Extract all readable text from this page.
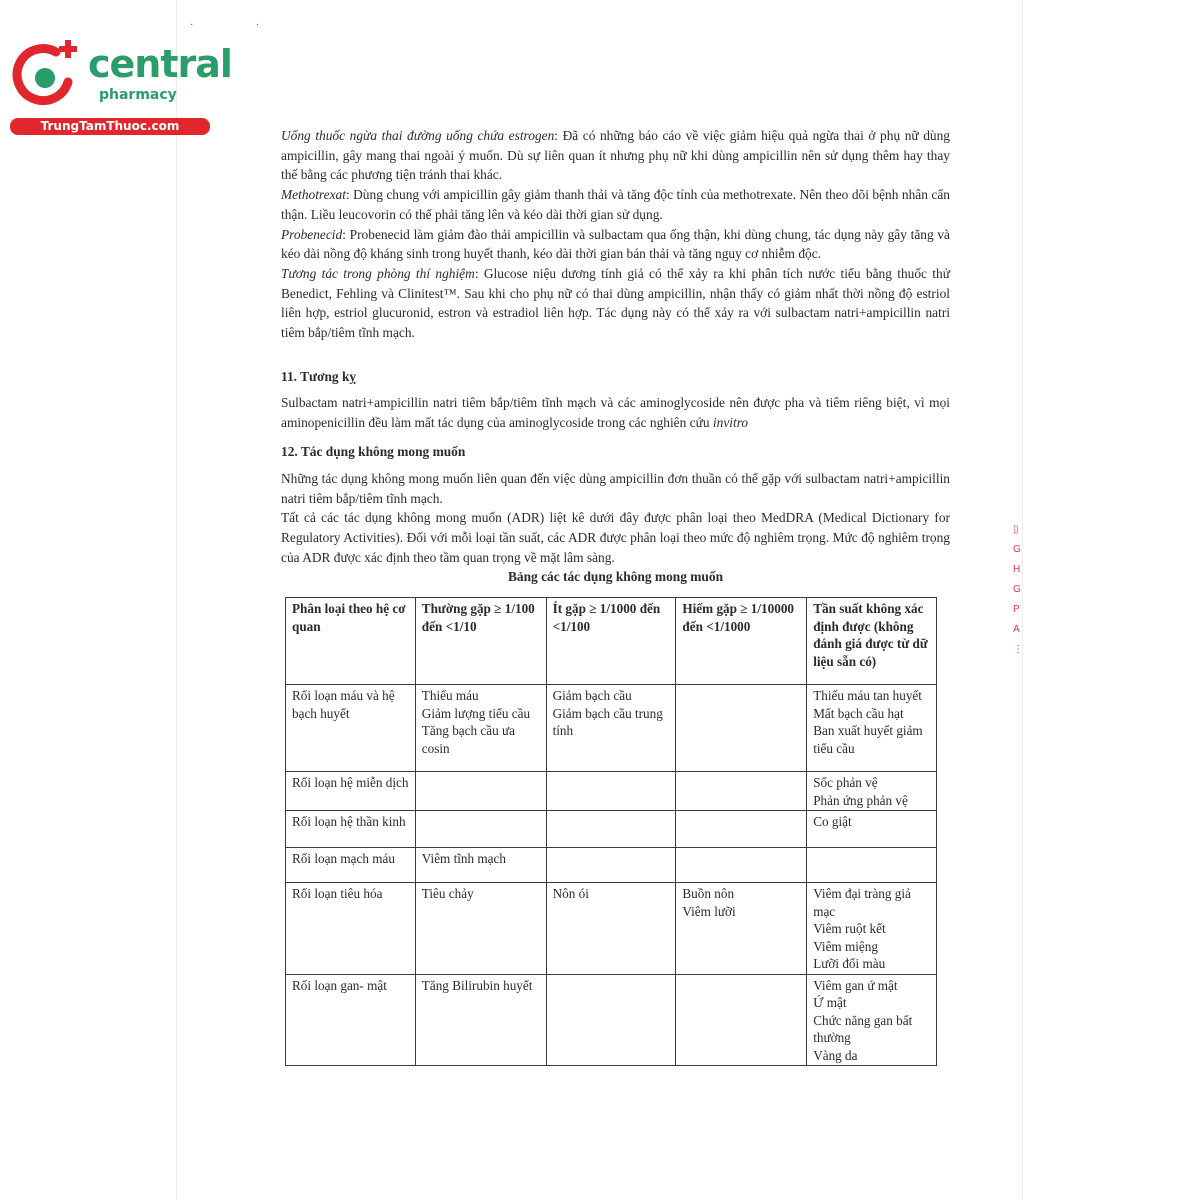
· ·
central
pharmacy
TrungTamThuoc.com
▯
G
H
G
P
A
⋮

Uống thuốc ngừa thai đường uống chứa estrogen: Đã có những báo cáo về việc giảm hiệu quả ngừa thai ở phụ nữ dùng ampicillin, gây mang thai ngoài ý muốn. Dù sự liên quan ít nhưng phụ nữ khi dùng ampicillin nên sử dụng thêm hay thay thế bằng các phương tiện tránh thai khác.

Methotrexat: Dùng chung với ampicillin gây giảm thanh thải và tăng độc tính của methotrexate. Nên theo dõi bệnh nhân cẩn thận. Liều leucovorin có thể phải tăng lên và kéo dài thời gian sử dụng.

Probenecid: Probenecid làm giảm đào thải ampicillin và sulbactam qua ống thận, khi dùng chung, tác dụng này gây tăng và kéo dài nồng độ kháng sinh trong huyết thanh, kéo dài thời gian bán thải và tăng nguy cơ nhiễm độc.

Tương tác trong phòng thí nghiệm: Glucose niệu dương tính giả có thể xảy ra khi phân tích nước tiểu bằng thuốc thử Benedict, Fehling và Clinitest™. Sau khi cho phụ nữ có thai dùng ampicillin, nhận thấy có giảm nhất thời nồng độ estriol liên hợp, estriol glucuronid, estron và estradiol liên hợp. Tác dụng này có thể xảy ra với sulbactam natri+ampicillin natri tiêm bắp/tiêm tĩnh mạch.

11. Tương kỵ
Sulbactam natri+ampicillin natri tiêm bắp/tiêm tĩnh mạch và các aminoglycoside nên được pha và tiêm riêng biệt, vì mọi aminopenicillin đều làm mất tác dụng của aminoglycoside trong các nghiên cứu invitro
12. Tác dụng không mong muốn

Những tác dụng không mong muốn liên quan đến việc dùng ampicillin đơn thuần có thể gặp với sulbactam natri+ampicillin natri tiêm bắp/tiêm tĩnh mạch.

Tất cả các tác dụng không mong muốn (ADR) liệt kê dưới đây được phân loại theo MedDRA (Medical Dictionary for Regulatory Activities). Đối với mỗi loại tần suất, các ADR được phân loại theo mức độ nghiêm trọng. Mức độ nghiêm trọng của ADR được xác định theo tầm quan trọng về mặt lâm sàng.

Bảng các tác dụng không mong muốn
Phân loại theo hệ cơ quan	Thường gặp ≥ 1/100 đến <1/10	Ít gặp ≥ 1/1000 đến <1/100	Hiếm gặp ≥ 1/10000 đến <1/1000	Tần suất không xác định được (không đánh giá được từ dữ liệu sẵn có)
Rối loạn máu và hệ bạch huyết	Thiếu máu
Giảm lượng tiểu cầu
Tăng bạch cầu ưa cosin	Giảm bạch cầu
Giảm bạch cầu trung tính		Thiếu máu tan huyết
Mất bạch cầu hạt
Ban xuất huyết giảm tiểu cầu

Rối loạn hệ miễn dịch				Sốc phản vệ
Phản ứng phản vệ

Rối loạn hệ thần kinh				Co giật

Rối loạn mạch máu	Viêm tĩnh mạch			

Rối loạn tiêu hóa	Tiêu chảy	Nôn ói	Buồn nôn
Viêm lưỡi	Viêm đại tràng giả mạc
Viêm ruột kết
Viêm miệng
Lưỡi đổi màu

Rối loạn gan- mật	Tăng Bilirubin huyết			Viêm gan ứ mật
Ứ mật
Chức năng gan bất thường
Vàng da
